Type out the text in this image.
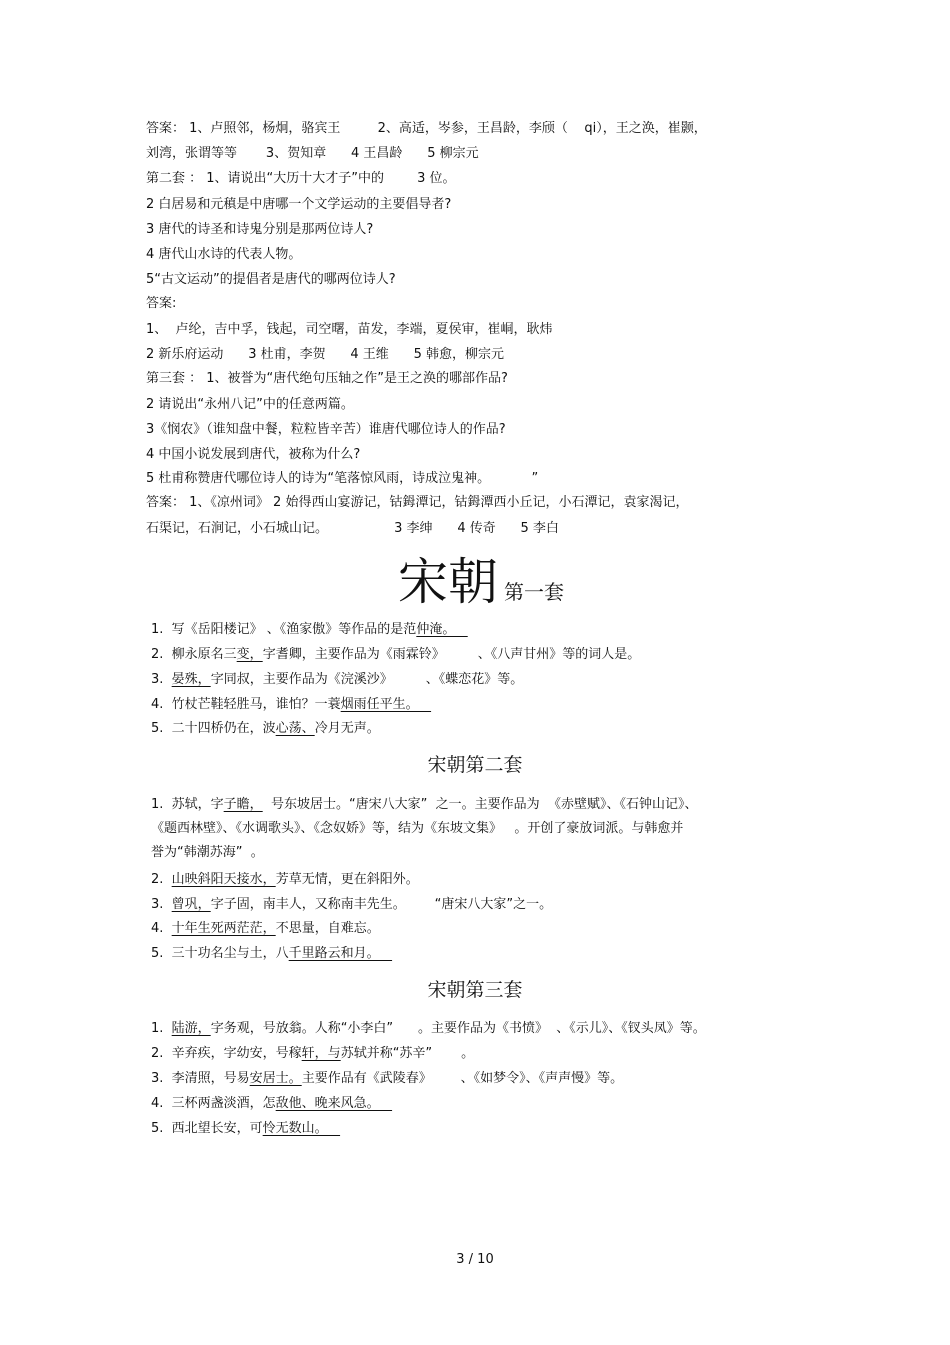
答案： 1、卢照邻，杨炯，骆宾王         2、高适，岑参，王昌龄，李颀（    qi），王之涣，崔颢，
刘湾，张谓等等       3、贺知章      4 王昌龄      5 柳宗元
第二套 ： 1、请说出“大历十大才子”中的        3 位。
2 白居易和元稹是中唐哪一个文学运动的主要倡导者?
3 唐代的诗圣和诗鬼分别是那两位诗人?
4 唐代山水诗的代表人物。
5“古文运动”的提倡者是唐代的哪两位诗人?
答案:
1、  卢纶，吉中孚，钱起，司空曙，苗发，李端，夏侯审，崔峒，耿炜
2 新乐府运动      3 杜甫，李贺      4 王维      5 韩愈，柳宗元
第三套 ： 1、被誉为“唐代绝句压轴之作”是王之涣的哪部作品?
2 请说出“永州八记”中的任意两篇。
3《悯农》（谁知盘中餐，粒粒皆辛苦）谁唐代哪位诗人的作品?
4 中国小说发展到唐代，被称为什么?
5 杜甫称赞唐代哪位诗人的诗为“笔落惊风雨，诗成泣鬼神。          ”
答案： 1、《凉州词》 2 始得西山宴游记，钴鉧潭记，钴鉧潭西小丘记，小石潭记，袁家渴记，
石渠记，石涧记，小石城山记。                3 李绅      4 传奇      5 李白
宋朝 第一套
1.  写《岳阳楼记》 、《渔家傲》等作品的是范仲淹。
2.  柳永原名三变，字耆卿，主要作品为《雨霖铃》        、《八声甘州》等的词人是。
3.  晏殊，字同叔，主要作品为《浣溪沙》        、《蝶恋花》等。
4.  竹杖芒鞋轻胜马，谁怕？一蓑烟雨任平生。
5.  二十四桥仍在，波心荡、冷月无声。
宋朝第二套
1.  苏轼，字子瞻，  号东坡居士。“唐宋八大家”  之一。主要作品为  《赤壁赋》、《石钟山记》、
《题西林壁》、《水调歌头》、《念奴娇》等，结为《东坡文集》   。开创了豪放词派。与韩愈并
誉为“韩潮苏海”  。
2.  山映斜阳天接水，芳草无情，更在斜阳外。
3.  曾巩，字子固，南丰人，又称南丰先生。       “唐宋八大家”之一。
4.  十年生死两茫茫，不思量，自难忘。
5.  三十功名尘与土，八千里路云和月。
宋朝第三套
1.  陆游，字务观，号放翁。人称“小李白”      。主要作品为《书愤》  、《示儿》、《钗头凤》等。
2.  辛弃疾，字幼安，号稼轩，与苏轼并称“苏辛”       。
3.  李清照，号易安居士。主要作品有《武陵春》       、《如梦令》、《声声慢》等。
4.  三杯两盏淡酒，怎敌他、晚来风急。
5.  西北望长安，可怜无数山。
3 / 10
